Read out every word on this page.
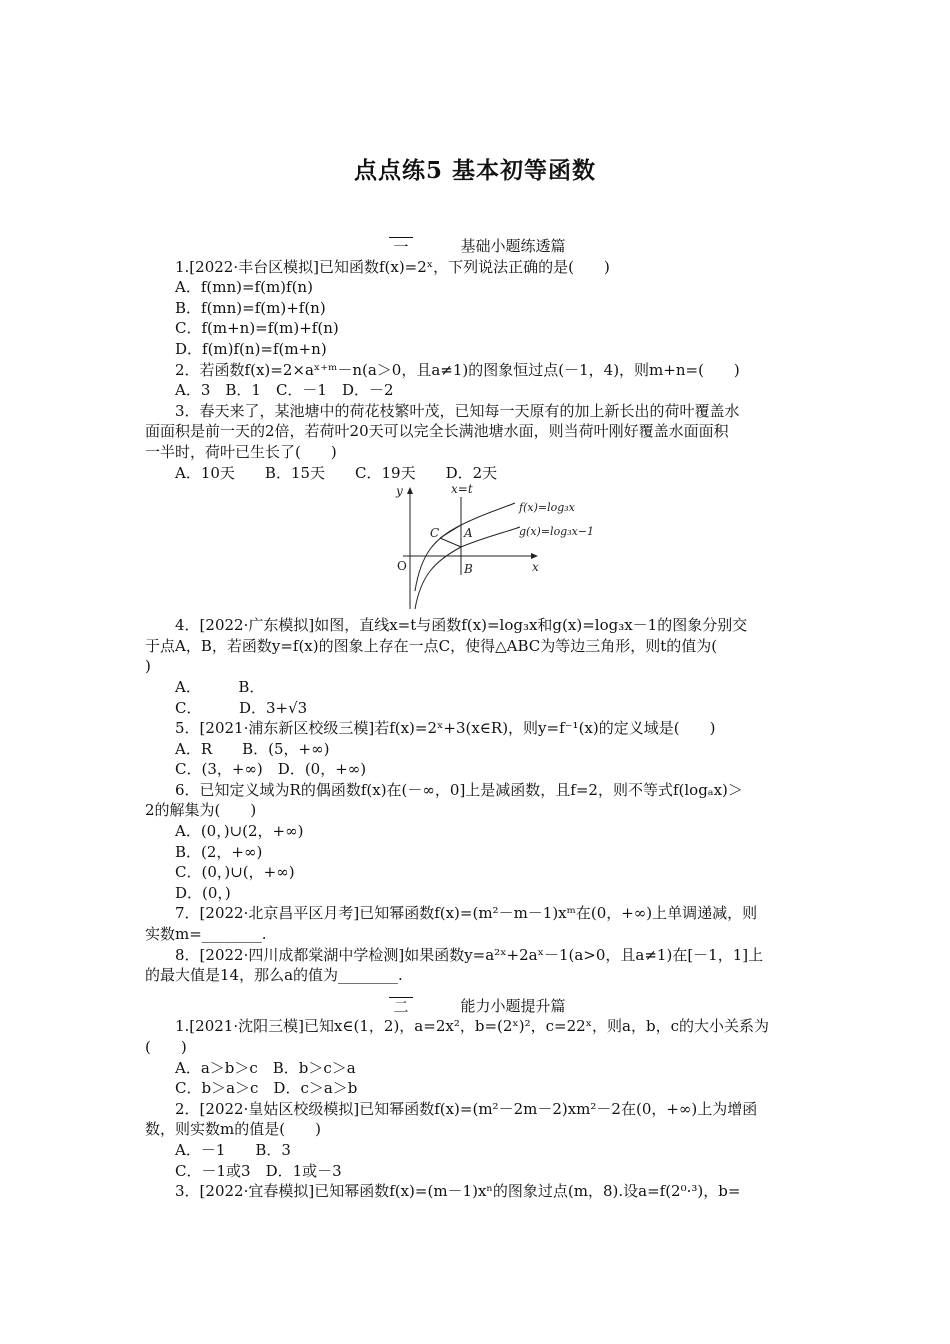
点点练5 基本初等函数
一	基础小题练透篇
1.[2022·丰台区模拟]已知函数f(x)=2ˣ，下列说法正确的是(　　)
A．f(mn)=f(m)f(n)
B．f(mn)=f(m)+f(n)
C．f(m+n)=f(m)+f(n)
D．f(m)f(n)=f(m+n)
2．若函数f(x)=2×aˣ⁺ᵐ－n(a＞0，且a≠1)的图象恒过点(－1，4)，则m+n=(　　)
A．3　B．1　C．－1　D．－2
3．春天来了，某池塘中的荷花枝繁叶茂，已知每一天原有的加上新长出的荷叶覆盖水
面面积是前一天的2倍，若荷叶20天可以完全长满池塘水面，则当荷叶刚好覆盖水面面积
一半时，荷叶已生长了(　　)
A．10天　　B．15天　　C．19天　　D．2天
y
x
O
x=t
A
B
C
f(x)=log₃x
g(x)=log₃x−1
4．[2022·广东模拟]如图，直线x=t与函数f(x)=log₃x和g(x)=log₃x－1的图象分别交
于点A，B，若函数y=f(x)的图象上存在一点C，使得△ABC为等边三角形，则t的值为(
)
A．　　　B．
C．　　　D．3+√3
5．[2021·浦东新区校级三模]若f(x)=2ˣ+3(x∈R)，则y=f⁻¹(x)的定义域是(　　)
A．R　　B．(5，+∞)
C．(3，+∞)　D．(0，+∞)
6．已知定义域为R的偶函数f(x)在(－∞，0]上是减函数，且f=2，则不等式f(logₐx)＞
2的解集为(　　)
A．(0，)∪(2，+∞)
B．(2，+∞)
C．(0，)∪(，+∞)
D．(0，)
7．[2022·北京昌平区月考]已知幂函数f(x)=(m²－m－1)xᵐ在(0，+∞)上单调递减，则
实数m=________.
8．[2022·四川成都棠湖中学检测]如果函数y=a²ˣ+2aˣ－1(a>0，且a≠1)在[－1，1]上
的最大值是14，那么a的值为________.
二	能力小题提升篇
1.[2021·沈阳三模]已知x∈(1，2)，a=2x²，b=(2ˣ)²，c=22ˣ，则a，b，c的大小关系为
(　　)
A．a＞b＞c　B．b＞c＞a
C．b＞a＞c　D．c＞a＞b
2．[2022·皇姑区校级模拟]已知幂函数f(x)=(m²－2m－2)xm²－2在(0，+∞)上为增函
数，则实数m的值是(　　)
A．－1　　B．3
C．－1或3　D．1或－3
3．[2022·宜春模拟]已知幂函数f(x)=(m－1)xⁿ的图象过点(m，8).设a=f(2⁰·³)，b=
